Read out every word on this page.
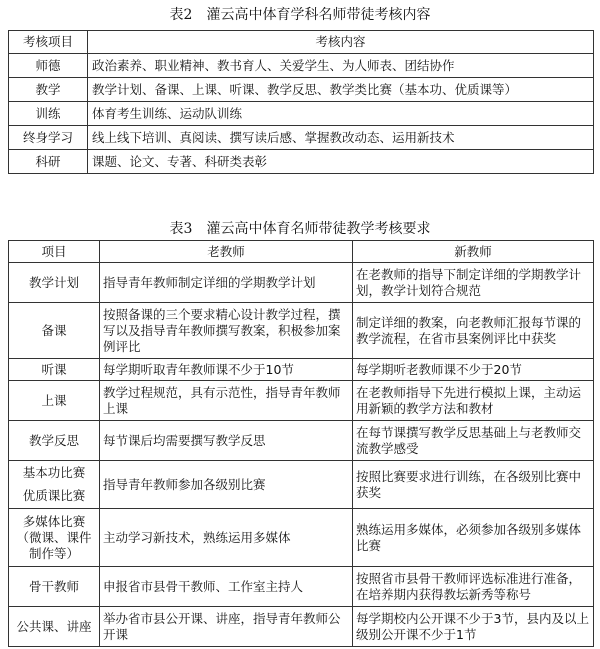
表2　灌云高中体育学科名师带徒考核内容
考核项目	考核内容
师德	政治素养、职业精神、教书育人、关爱学生、为人师表、团结协作
教学	教学计划、备课、上课、听课、教学反思、教学类比赛（基本功、优质课等）
训练	体育考生训练、运动队训练
终身学习	线上线下培训、真阅读、撰写读后感、掌握教改动态、运用新技术
科研	课题、论文、专著、科研类表彰
表3　灌云高中体育名师带徒教学考核要求
项目	老教师	新教师
教学计划	指导青年教师制定详细的学期教学计划	在老教师的指导下制定详细的学期教学计划，教学计划符合规范
备课	按照备课的三个要求精心设计教学过程，撰写以及指导青年教师撰写教案，积极参加案例评比	制定详细的教案，向老教师汇报每节课的教学流程，在省市县案例评比中获奖
听课	每学期听取青年教师课不少于10节	每学期听老教师课不少于20节
上课	教学过程规范，具有示范性，指导青年教师上课	在老教师指导下先进行模拟上课，主动运用新颖的教学方法和教材
教学反思	每节课后均需要撰写教学反思	在每节课撰写教学反思基础上与老教师交流教学感受

基本功比赛
优质课比赛	指导青年教师参加各级别比赛	按照比赛要求进行训练，在各级别比赛中获奖
多媒体比赛（微课、课件制作等）	主动学习新技术，熟练运用多媒体	熟练运用多媒体，必须参加各级别多媒体比赛
骨干教师	申报省市县骨干教师、工作室主持人	按照省市县骨干教师评选标准进行准备，在培养期内获得教坛新秀等称号
公共课、讲座	举办省市县公开课、讲座，指导青年教师公开课	每学期校内公开课不少于3节，县内及以上级别公开课不少于1节
